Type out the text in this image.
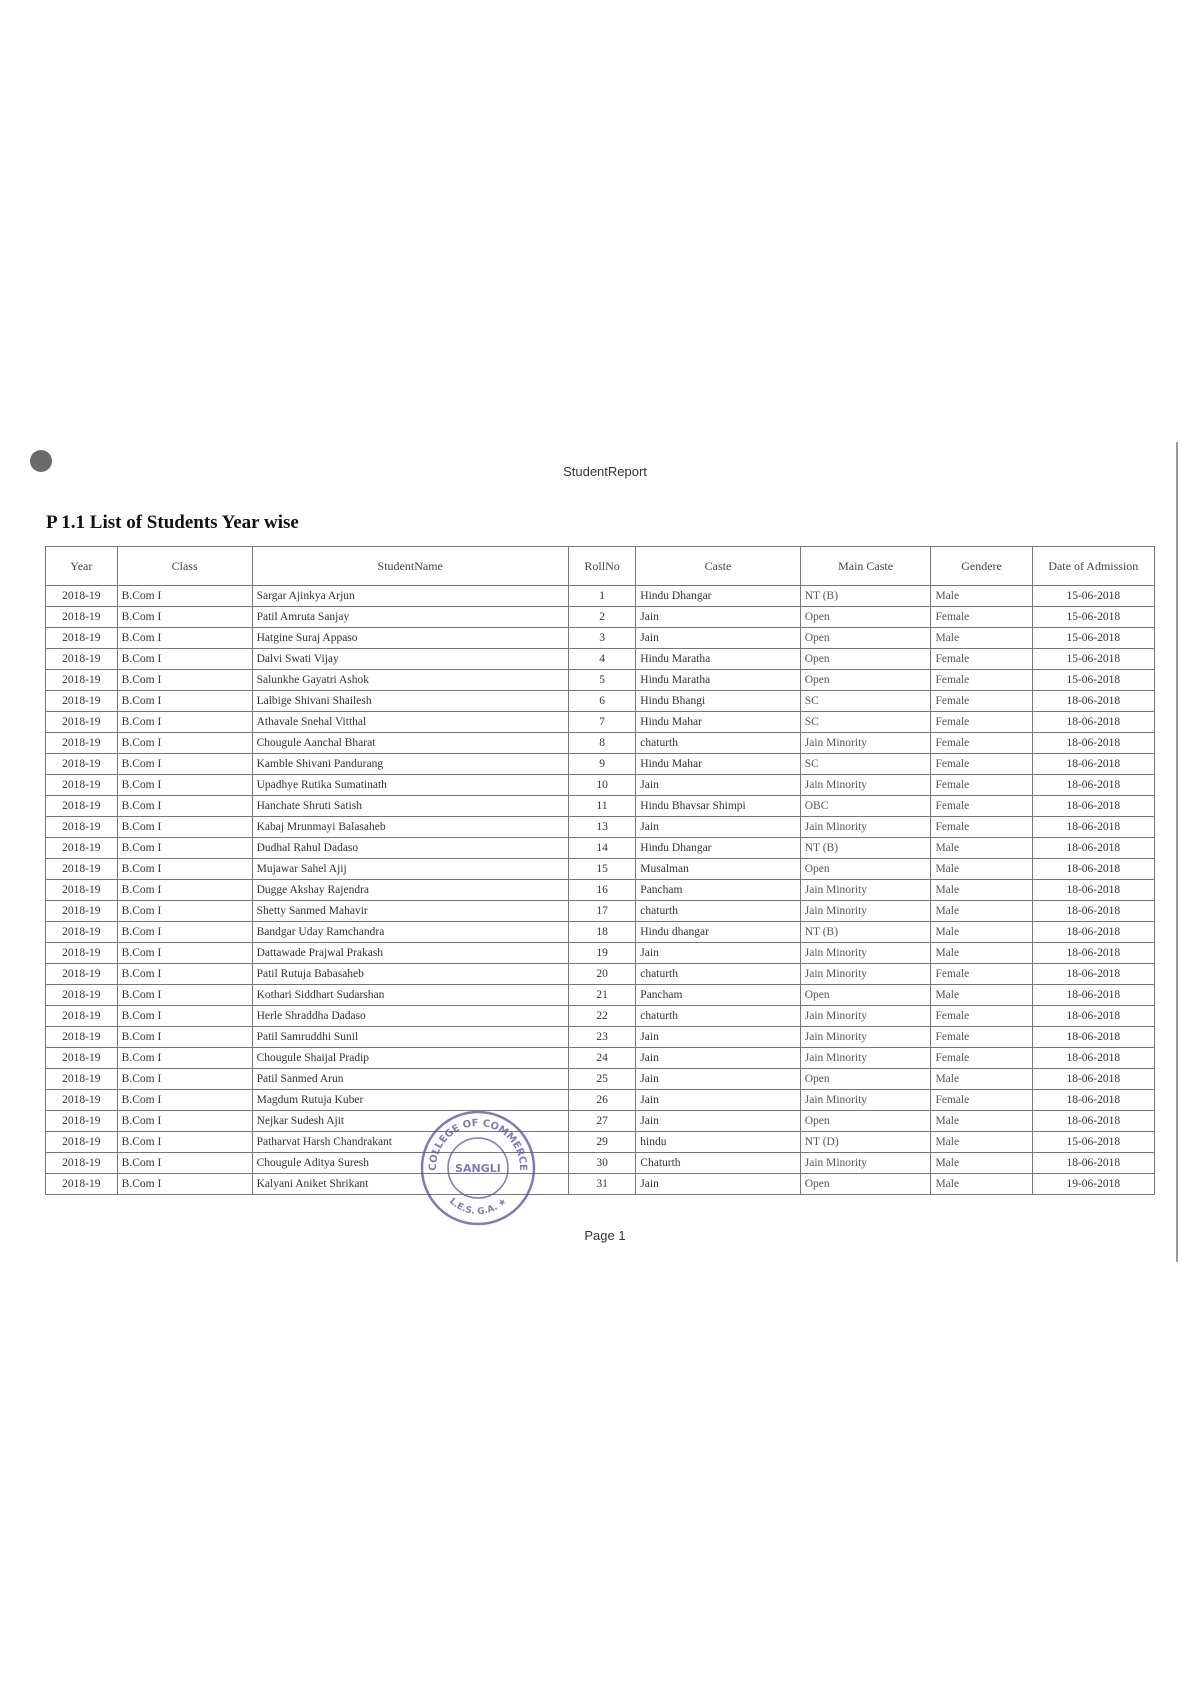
StudentReport
P 1.1 List of Students Year wise
Year	Class	StudentName	RollNo	Caste	Main Caste	Gendere	Date of Admission
2018-19	B.Com I	Sargar Ajinkya Arjun	1	Hindu Dhangar	NT (B)	Male	15-06-2018
2018-19	B.Com I	Patil Amruta Sanjay	2	Jain	Open	Female	15-06-2018
2018-19	B.Com I	Hatgine Suraj Appaso	3	Jain	Open	Male	15-06-2018
2018-19	B.Com I	Dalvi Swati Vijay	4	Hindu Maratha	Open	Female	15-06-2018
2018-19	B.Com I	Salunkhe Gayatri Ashok	5	Hindu Maratha	Open	Female	15-06-2018
2018-19	B.Com I	Lalbige Shivani Shailesh	6	Hindu Bhangi	SC	Female	18-06-2018
2018-19	B.Com I	Athavale Snehal Vitthal	7	Hindu Mahar	SC	Female	18-06-2018
2018-19	B.Com I	Chougule Aanchal Bharat	8	chaturth	Jain Minority	Female	18-06-2018
2018-19	B.Com I	Kamble Shivani Pandurang	9	Hindu Mahar	SC	Female	18-06-2018
2018-19	B.Com I	Upadhye Rutika Sumatinath	10	Jain	Jain Minority	Female	18-06-2018
2018-19	B.Com I	Hanchate Shruti Satish	11	Hindu Bhavsar Shimpi	OBC	Female	18-06-2018
2018-19	B.Com I	Kabaj Mrunmayi Balasaheb	13	Jain	Jain Minority	Female	18-06-2018
2018-19	B.Com I	Dudhal Rahul Dadaso	14	Hindu Dhangar	NT (B)	Male	18-06-2018
2018-19	B.Com I	Mujawar Sahel Ajij	15	Musalman	Open	Male	18-06-2018
2018-19	B.Com I	Dugge Akshay Rajendra	16	Pancham	Jain Minority	Male	18-06-2018
2018-19	B.Com I	Shetty Sanmed Mahavir	17	chaturth	Jain Minority	Male	18-06-2018
2018-19	B.Com I	Bandgar Uday Ramchandra	18	Hindu dhangar	NT (B)	Male	18-06-2018
2018-19	B.Com I	Dattawade Prajwal Prakash	19	Jain	Jain Minority	Male	18-06-2018
2018-19	B.Com I	Patil Rutuja Babasaheb	20	chaturth	Jain Minority	Female	18-06-2018
2018-19	B.Com I	Kothari Siddhart Sudarshan	21	Pancham	Open	Male	18-06-2018
2018-19	B.Com I	Herle Shraddha Dadaso	22	chaturth	Jain Minority	Female	18-06-2018
2018-19	B.Com I	Patil Samruddhi Sunil	23	Jain	Jain Minority	Female	18-06-2018
2018-19	B.Com I	Chougule Shaijal Pradip	24	Jain	Jain Minority	Female	18-06-2018
2018-19	B.Com I	Patil Sanmed Arun	25	Jain	Open	Male	18-06-2018
2018-19	B.Com I	Magdum Rutuja Kuber	26	Jain	Jain Minority	Female	18-06-2018
2018-19	B.Com I	Nejkar Sudesh Ajit	27	Jain	Open	Male	18-06-2018
2018-19	B.Com I	Patharvat Harsh Chandrakant	29	hindu	NT (D)	Male	15-06-2018
2018-19	B.Com I	Chougule Aditya Suresh	30	Chaturth	Jain Minority	Male	18-06-2018
2018-19	B.Com I	Kalyani Aniket Shrikant	31	Jain	Open	Male	19-06-2018
COLLEGE OF COMMERCE
L.E.S. G.A. ★
SANGLI
Page 1
